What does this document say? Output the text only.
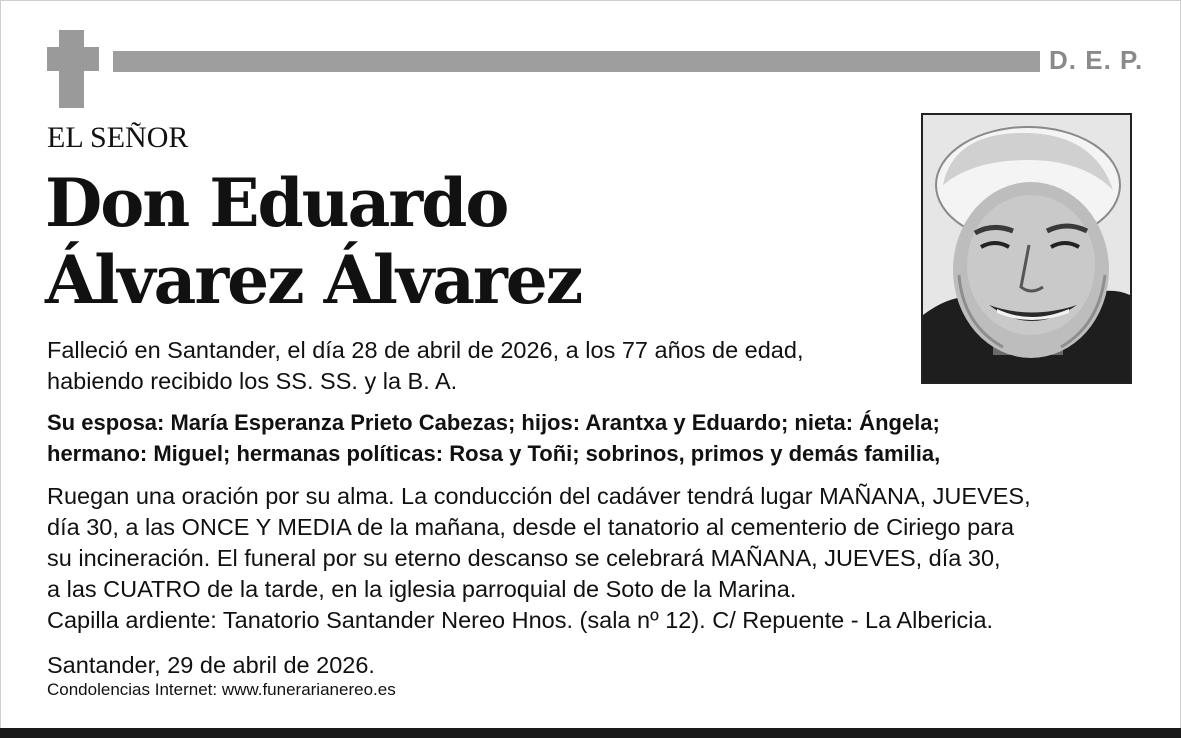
D. E. P.
EL SEÑOR
Don Eduardo
Álvarez Álvarez
Falleció en Santander, el día 28 de abril de 2026, a los 77 años de edad,
habiendo recibido los SS. SS. y la B. A.
Su esposa: María Esperanza Prieto Cabezas; hijos: Arantxa y Eduardo; nieta: Ángela;
hermano: Miguel; hermanas políticas: Rosa y Toñi; sobrinos, primos y demás familia,
Ruegan una oración por su alma. La conducción del cadáver tendrá lugar MAÑANA, JUEVES,
día 30, a las ONCE Y MEDIA de la mañana, desde el tanatorio al cementerio de Ciriego para
su incineración. El funeral por su eterno descanso se celebrará MAÑANA, JUEVES, día 30,
a las CUATRO de la tarde, en la iglesia parroquial de Soto de la Marina.
Capilla ardiente: Tanatorio Santander Nereo Hnos. (sala nº 12). C/ Repuente - La Albericia.
Santander, 29 de abril de 2026.
Condolencias Internet: www.funerarianereo.es
